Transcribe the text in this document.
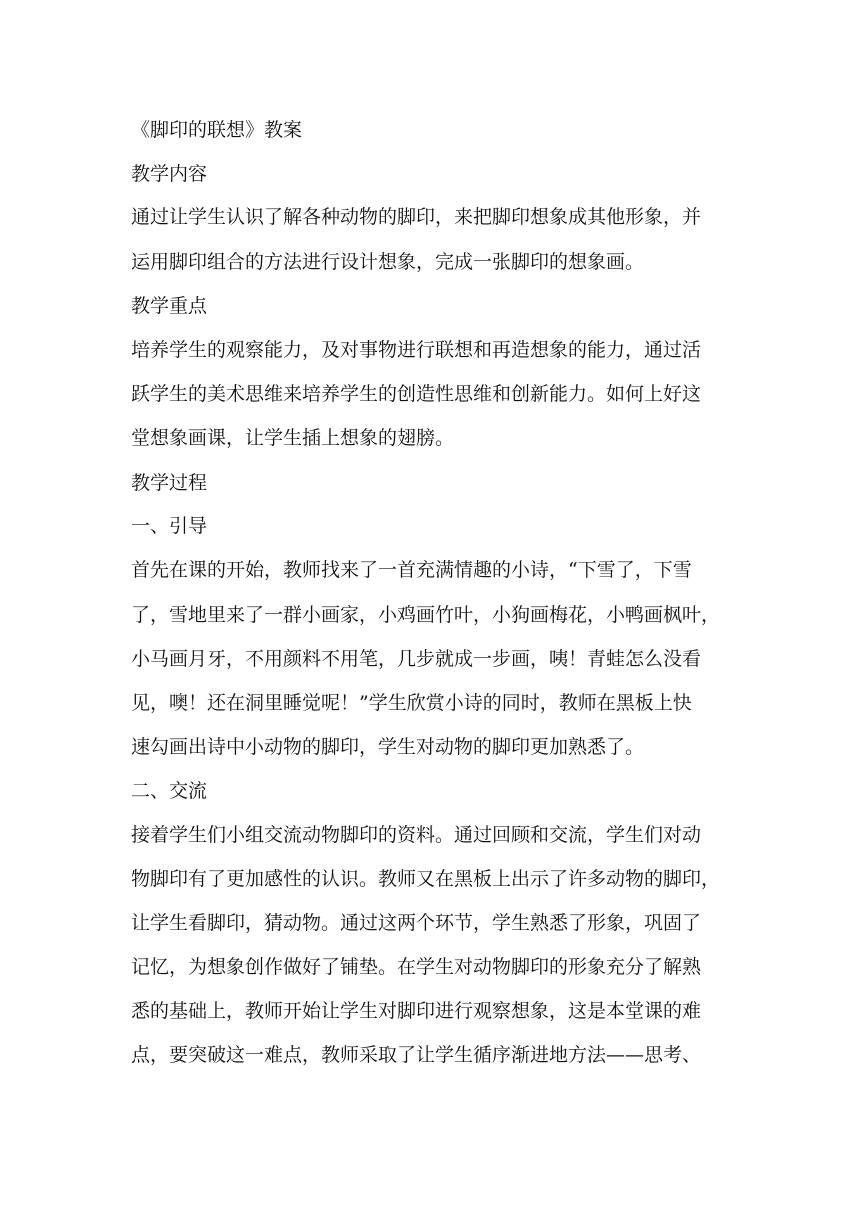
《脚印的联想》教案
教学内容
通过让学生认识了解各种动物的脚印，来把脚印想象成其他形象，并
运用脚印组合的方法进行设计想象，完成一张脚印的想象画。
教学重点
培养学生的观察能力，及对事物进行联想和再造想象的能力，通过活
跃学生的美术思维来培养学生的创造性思维和创新能力。如何上好这
堂想象画课，让学生插上想象的翅膀。
教学过程
一、引导
首先在课的开始，教师找来了一首充满情趣的小诗，“下雪了，下雪
了，雪地里来了一群小画家，小鸡画竹叶，小狗画梅花，小鸭画枫叶，
小马画月牙，不用颜料不用笔，几步就成一步画，咦！青蛙怎么没看
见，噢！还在洞里睡觉呢！”学生欣赏小诗的同时，教师在黑板上快
速勾画出诗中小动物的脚印，学生对动物的脚印更加熟悉了。
二、交流
接着学生们小组交流动物脚印的资料。通过回顾和交流，学生们对动
物脚印有了更加感性的认识。教师又在黑板上出示了许多动物的脚印，
让学生看脚印，猜动物。通过这两个环节，学生熟悉了形象，巩固了
记忆，为想象创作做好了铺垫。在学生对动物脚印的形象充分了解熟
悉的基础上，教师开始让学生对脚印进行观察想象，这是本堂课的难
点，要突破这一难点，教师采取了让学生循序渐进地方法——思考、
